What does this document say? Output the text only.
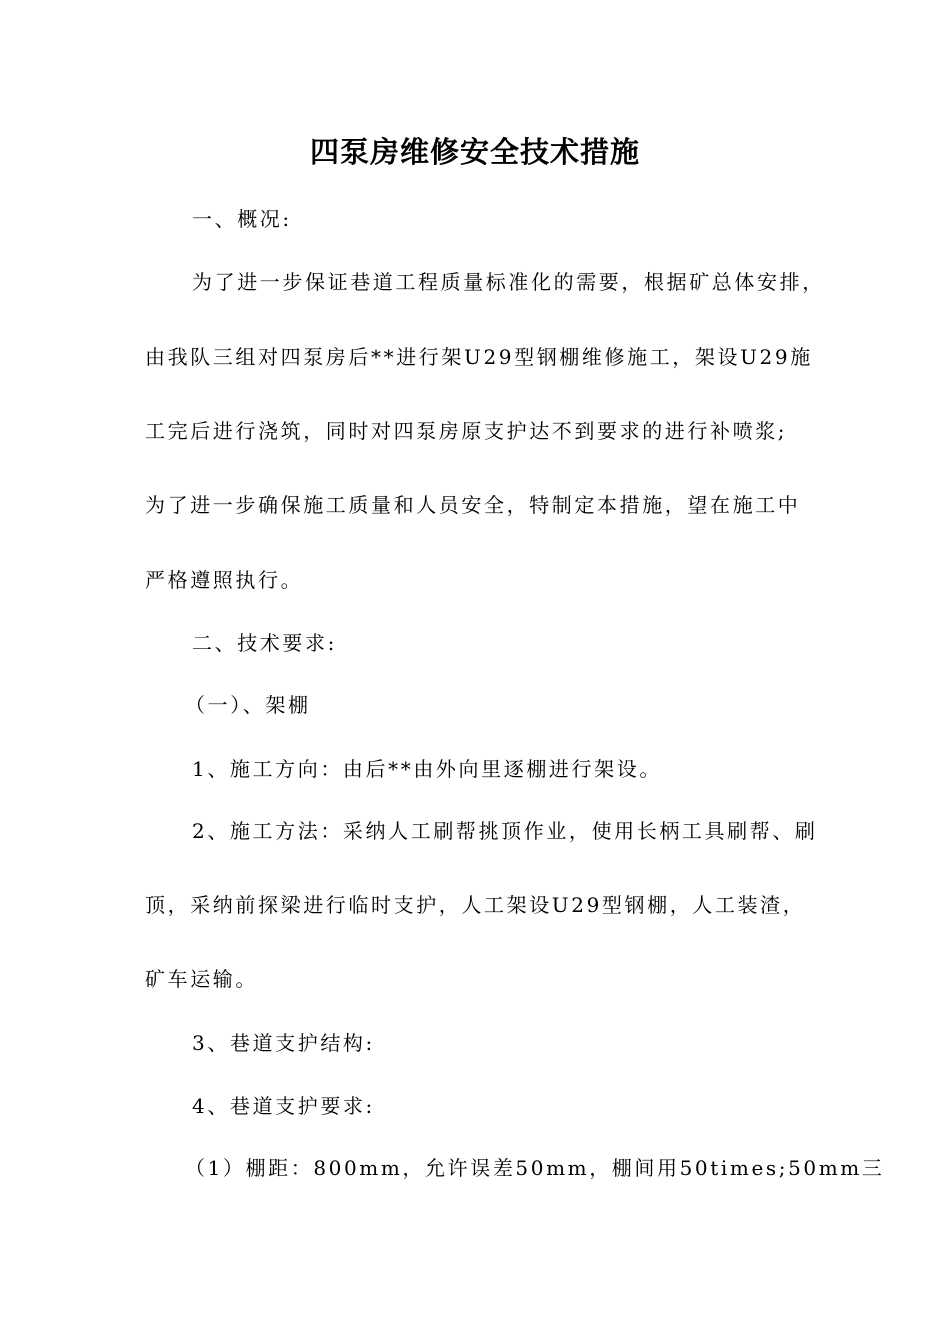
四泵房维修安全技术措施
一、概况:
为了进一步保证巷道工程质量标准化的需要，根据矿总体安排，
由我队三组对四泵房后**进行架U29型钢棚维修施工，架设U29施
工完后进行浇筑，同时对四泵房原支护达不到要求的进行补喷浆;
为了进一步确保施工质量和人员安全，特制定本措施，望在施工中
严格遵照执行。
二、技术要求:
（一）、架棚
1、施工方向：由后**由外向里逐棚进行架设。
2、施工方法：采纳人工刷帮挑顶作业，使用长柄工具刷帮、刷
顶，采纳前探梁进行临时支护，人工架设U29型钢棚，人工装渣，
矿车运输。
3、巷道支护结构:
4、巷道支护要求:
（1）棚距：800mm，允许误差50mm，棚间用50times;50mm三
